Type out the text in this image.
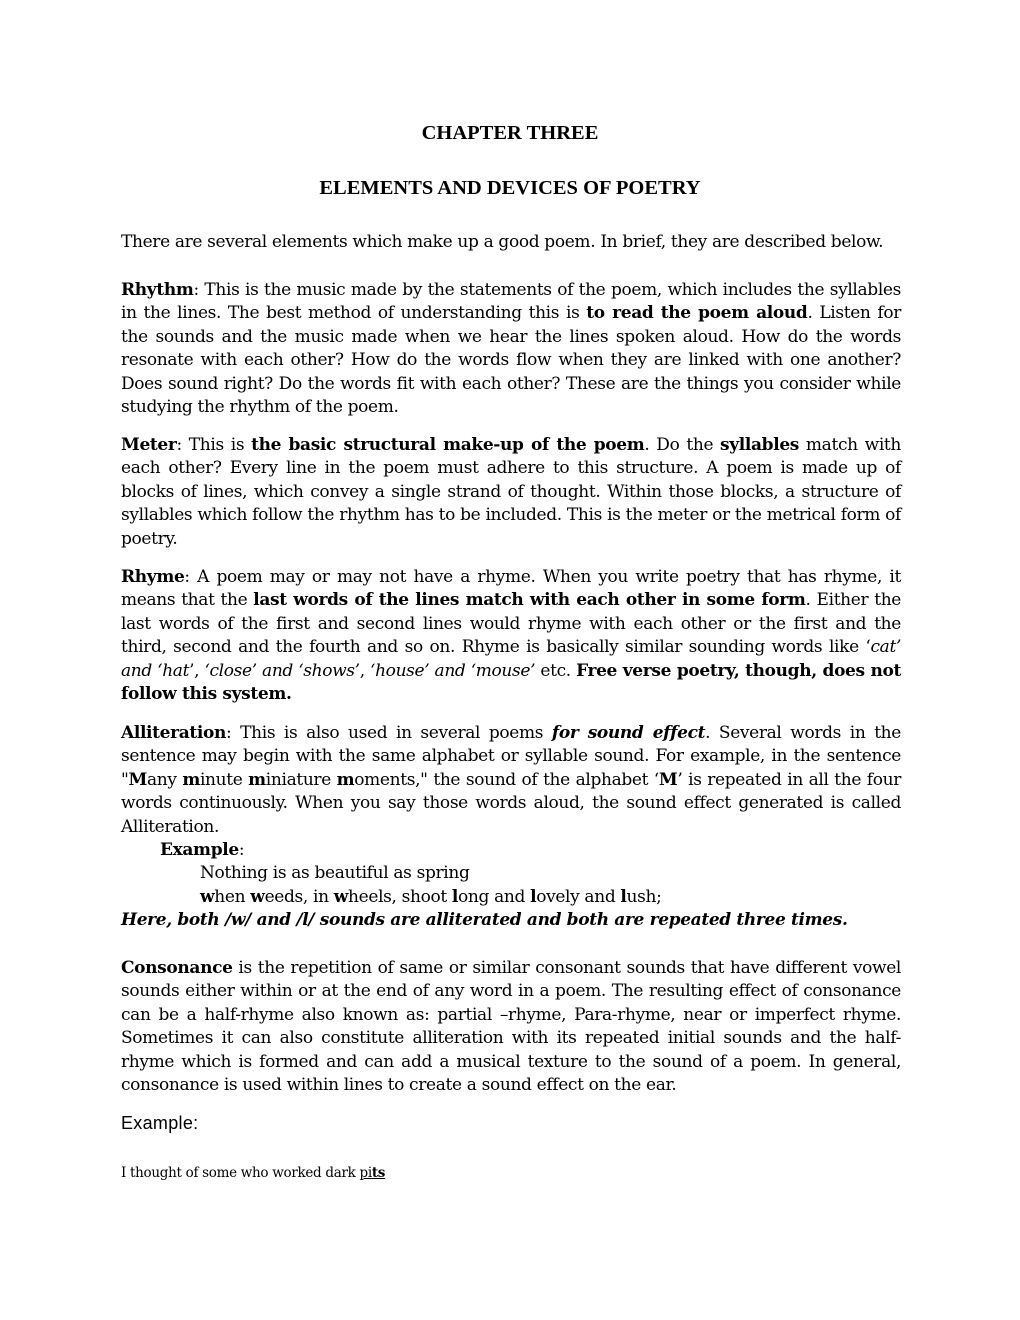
CHAPTER THREE
ELEMENTS AND DEVICES OF POETRY

There are several elements which make up a good poem. In brief, they are described below.

Rhythm: This is the music made by the statements of the poem, which includes the syllables in the lines. The best method of understanding this is to read the poem aloud. Listen for the sounds and the music made when we hear the lines spoken aloud. How do the words resonate with each other? How do the words flow when they are linked with one another? Does sound right? Do the words fit with each other? These are the things you consider while studying the rhythm of the poem.

Meter: This is the basic structural make-up of the poem. Do the syllables match with each other? Every line in the poem must adhere to this structure. A poem is made up of blocks of lines, which convey a single strand of thought. Within those blocks, a structure of syllables which follow the rhythm has to be included. This is the meter or the metrical form of poetry.

Rhyme: A poem may or may not have a rhyme. When you write poetry that has rhyme, it means that the last words of the lines match with each other in some form. Either the last words of the first and second lines would rhyme with each other or the first and the third, second and the fourth and so on. Rhyme is basically similar sounding words like ‘cat’ and ‘hat’, ‘close’ and ‘shows’, ‘house’ and ‘mouse’ etc. Free verse poetry, though, does not follow this system.

Alliteration: This is also used in several poems for sound effect. Several words in the sentence may begin with the same alphabet or syllable sound. For example, in the sentence "Many minute miniature moments," the sound of the alphabet ‘M’ is repeated in all the four words continuously. When you say those words aloud, the sound effect generated is called Alliteration.

Example:

Nothing is as beautiful as spring

when weeds, in wheels, shoot long and lovely and lush;

Here, both /w/ and /l/ sounds are alliterated and both are repeated three times.

Consonance is the repetition of same or similar consonant sounds that have different vowel sounds either within or at the end of any word in a poem. The resulting effect of consonance can be a half-rhyme also known as: partial –rhyme, Para-rhyme, near or imperfect rhyme. Sometimes it can also constitute alliteration with its repeated initial sounds and the half-rhyme which is formed and can add a musical texture to the sound of a poem. In general, consonance is used within lines to create a sound effect on the ear.

Example:

I thought of some who worked dark pits
